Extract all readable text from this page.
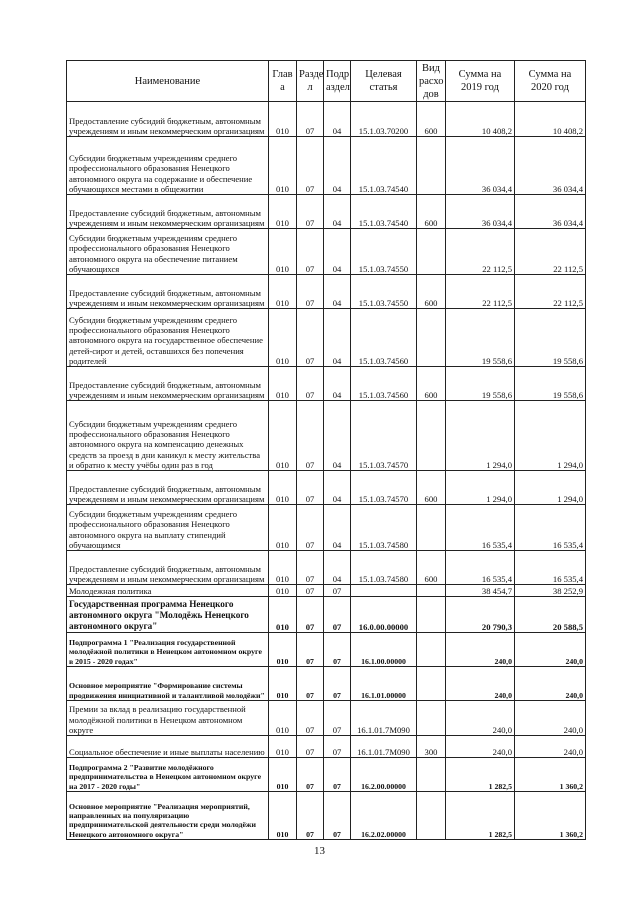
Наименование	Глав а	Разде л	Подр аздел	Целевая статья	Вид расхо дов	Сумма на 2019 год	Сумма на 2020 год
Предоставление субсидий бюджетным, автономным учреждениям и иным некоммерческим организациям	010	07	04	15.1.03.70200	600	10 408,2	10 408,2
Субсидии бюджетным учреждениям среднего профессионального образования Ненецкого автономного округа на содержание и обеспечение обучающихся местами в общежитии	010	07	04	15.1.03.74540		36 034,4	36 034,4
Предоставление субсидий бюджетным, автономным учреждениям и иным некоммерческим организациям	010	07	04	15.1.03.74540	600	36 034,4	36 034,4
Субсидии бюджетным учреждениям среднего профессионального образования Ненецкого автономного округа на обеспечение питанием обучающихся	010	07	04	15.1.03.74550		22 112,5	22 112,5
Предоставление субсидий бюджетным, автономным учреждениям и иным некоммерческим организациям	010	07	04	15.1.03.74550	600	22 112,5	22 112,5
Субсидии бюджетным учреждениям среднего профессионального образования Ненецкого автономного округа на государственное обеспечение детей-сирот и детей, оставшихся без попечения родителей	010	07	04	15.1.03.74560		19 558,6	19 558,6
Предоставление субсидий бюджетным, автономным учреждениям и иным некоммерческим организациям	010	07	04	15.1.03.74560	600	19 558,6	19 558,6
Субсидии бюджетным учреждениям среднего профессионального образования Ненецкого автономного округа на компенсацию денежных средств за проезд в дни каникул к месту жительства и обратно к месту учёбы один раз в год	010	07	04	15.1.03.74570		1 294,0	1 294,0
Предоставление субсидий бюджетным, автономным учреждениям и иным некоммерческим организациям	010	07	04	15.1.03.74570	600	1 294,0	1 294,0
Субсидии бюджетным учреждениям среднего профессионального образования Ненецкого автономного округа на выплату стипендий обучающимся	010	07	04	15.1.03.74580		16 535,4	16 535,4
Предоставление субсидий бюджетным, автономным учреждениям и иным некоммерческим организациям	010	07	04	15.1.03.74580	600	16 535,4	16 535,4
Молодежная политика	010	07	07			38 454,7	38 252,9
Государственная программа Ненецкого автономного округа "Молодёжь Ненецкого автономного округа"	010	07	07	16.0.00.00000		20 790,3	20 588,5
Подпрограмма 1 "Реализация государственной молодёжной политики в Ненецком автономном округе в 2015 - 2020 годах"	010	07	07	16.1.00.00000		240,0	240,0
Основное мероприятие "Формирование системы продвижения инициативной и талантливой молодёжи"	010	07	07	16.1.01.00000		240,0	240,0
Премии за вклад в реализацию государственной молодёжной политики в Ненецком автономном округе	010	07	07	16.1.01.7М090		240,0	240,0
Социальное обеспечение и иные выплаты населению	010	07	07	16.1.01.7М090	300	240,0	240,0
Подпрограмма 2 "Развитие молодёжного предпринимательства в Ненецком автономном округе на 2017 - 2020 годы"	010	07	07	16.2.00.00000		1 282,5	1 360,2
Основное мероприятие "Реализация мероприятий, направленных на популяризацию предпринимательской деятельности среди молодёжи Ненецкого автономного округа"	010	07	07	16.2.02.00000		1 282,5	1 360,2
13
